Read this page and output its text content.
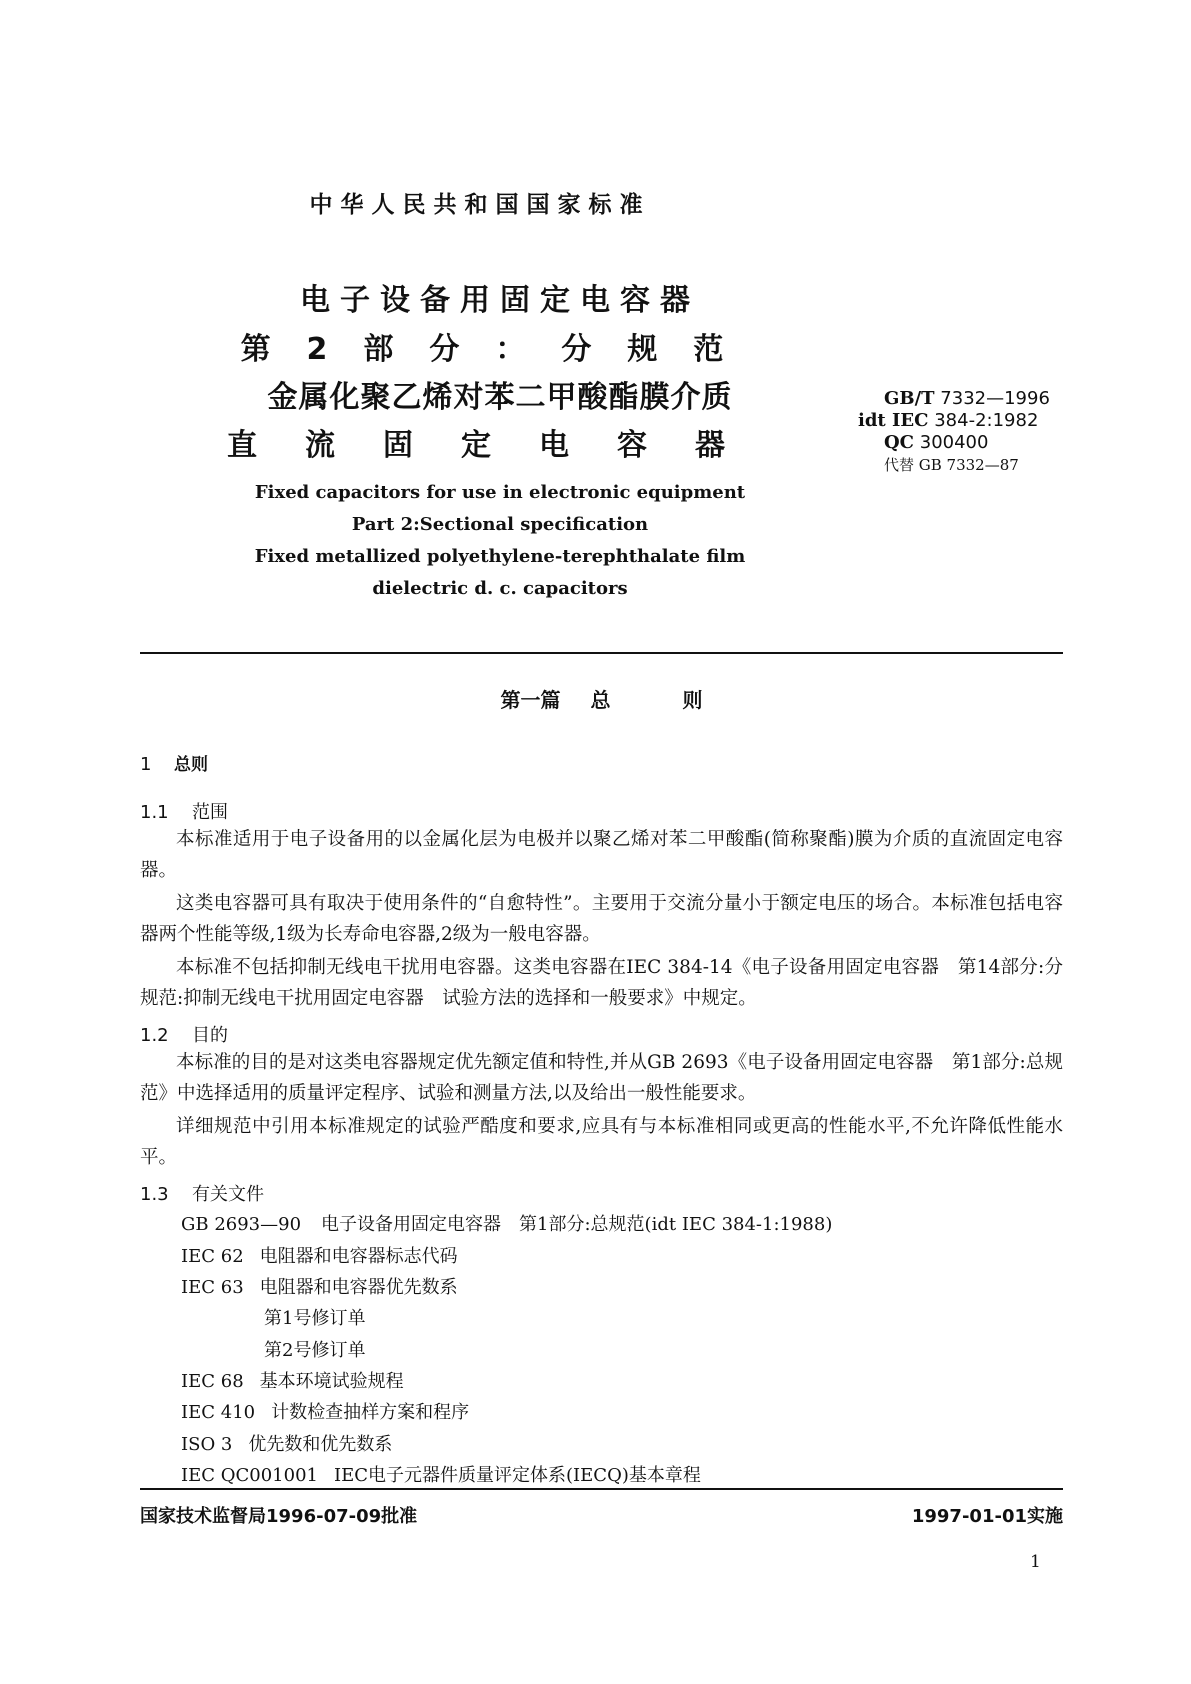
中华人民共和国国家标准
电子设备用固定电容器
第2部分：分规范
金属化聚乙烯对苯二甲酸酯膜介质
直流固定电容器
GB/T 7332—1996
idt IEC 384-2:1982
QC 300400
代替 GB 7332—87
Fixed capacitors for use in electronic equipment
Part 2:Sectional specification
Fixed metallized polyethylene-terephthalate film
dielectric d. c. capacitors
第一篇 总	则
1 总则
1.1 范围

本标准适用于电子设备用的以金属化层为电极并以聚乙烯对苯二甲酸酯(简称聚酯)膜为介质的直流固定电容器。

这类电容器可具有取决于使用条件的“自愈特性”。主要用于交流分量小于额定电压的场合。本标准包括电容器两个性能等级,1级为长寿命电容器,2级为一般电容器。

本标准不包括抑制无线电干扰用电容器。这类电容器在IEC 384-14《电子设备用固定电容器　第14部分:分规范:抑制无线电干扰用固定电容器　试验方法的选择和一般要求》中规定。

1.2 目的

本标准的目的是对这类电容器规定优先额定值和特性,并从GB 2693《电子设备用固定电容器　第1部分:总规范》中选择适用的质量评定程序、试验和测量方法,以及给出一般性能要求。

详细规范中引用本标准规定的试验严酷度和要求,应具有与本标准相同或更高的性能水平,不允许降低性能水平。

1.3 有关文件
GB 2693—90 电子设备用固定电容器　第1部分:总规范(idt IEC 384-1:1988)
IEC 62 电阻器和电容器标志代码
IEC 63 电阻器和电容器优先数系
第1号修订单
第2号修订单
IEC 68 基本环境试验规程
IEC 410 计数检查抽样方案和程序
ISO 3 优先数和优先数系
IEC QC001001 IEC电子元器件质量评定体系(IECQ)基本章程
国家技术监督局1996-07-09批准	1997-01-01实施
1
